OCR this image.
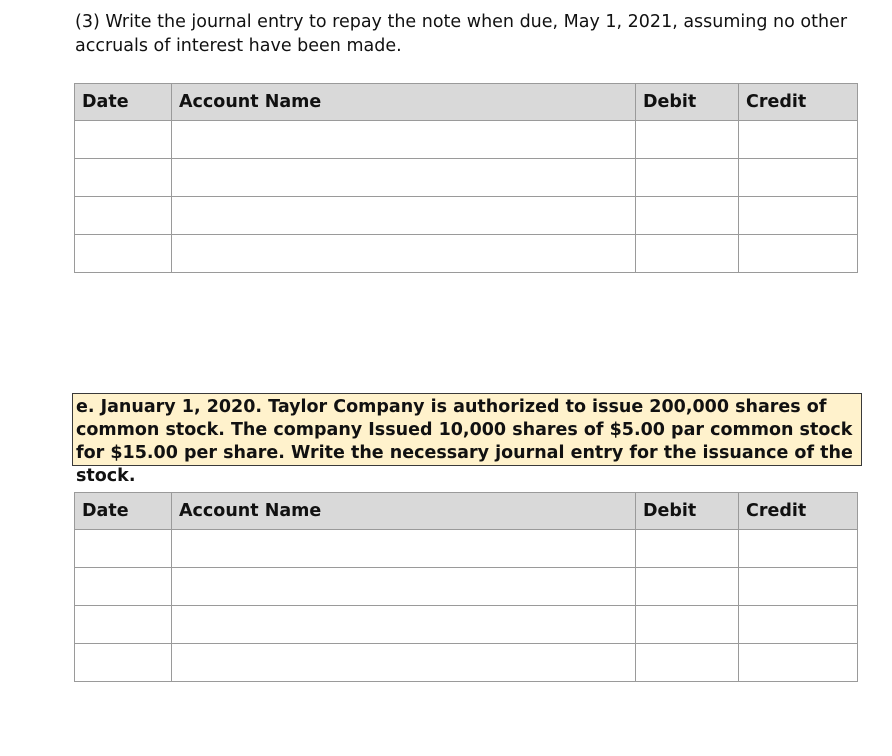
(3) Write the journal entry to repay the note when due, May 1, 2021, assuming no other accruals of interest have been made.

Date	Account Name	Debit	Credit

e. January 1, 2020. Taylor Company is authorized to issue 200,000 shares of common stock. The company Issued 10,000 shares of $5.00 par common stock for $15.00 per share. Write the necessary journal entry for the issuance of the stock.

Date	Account Name	Debit	Credit
